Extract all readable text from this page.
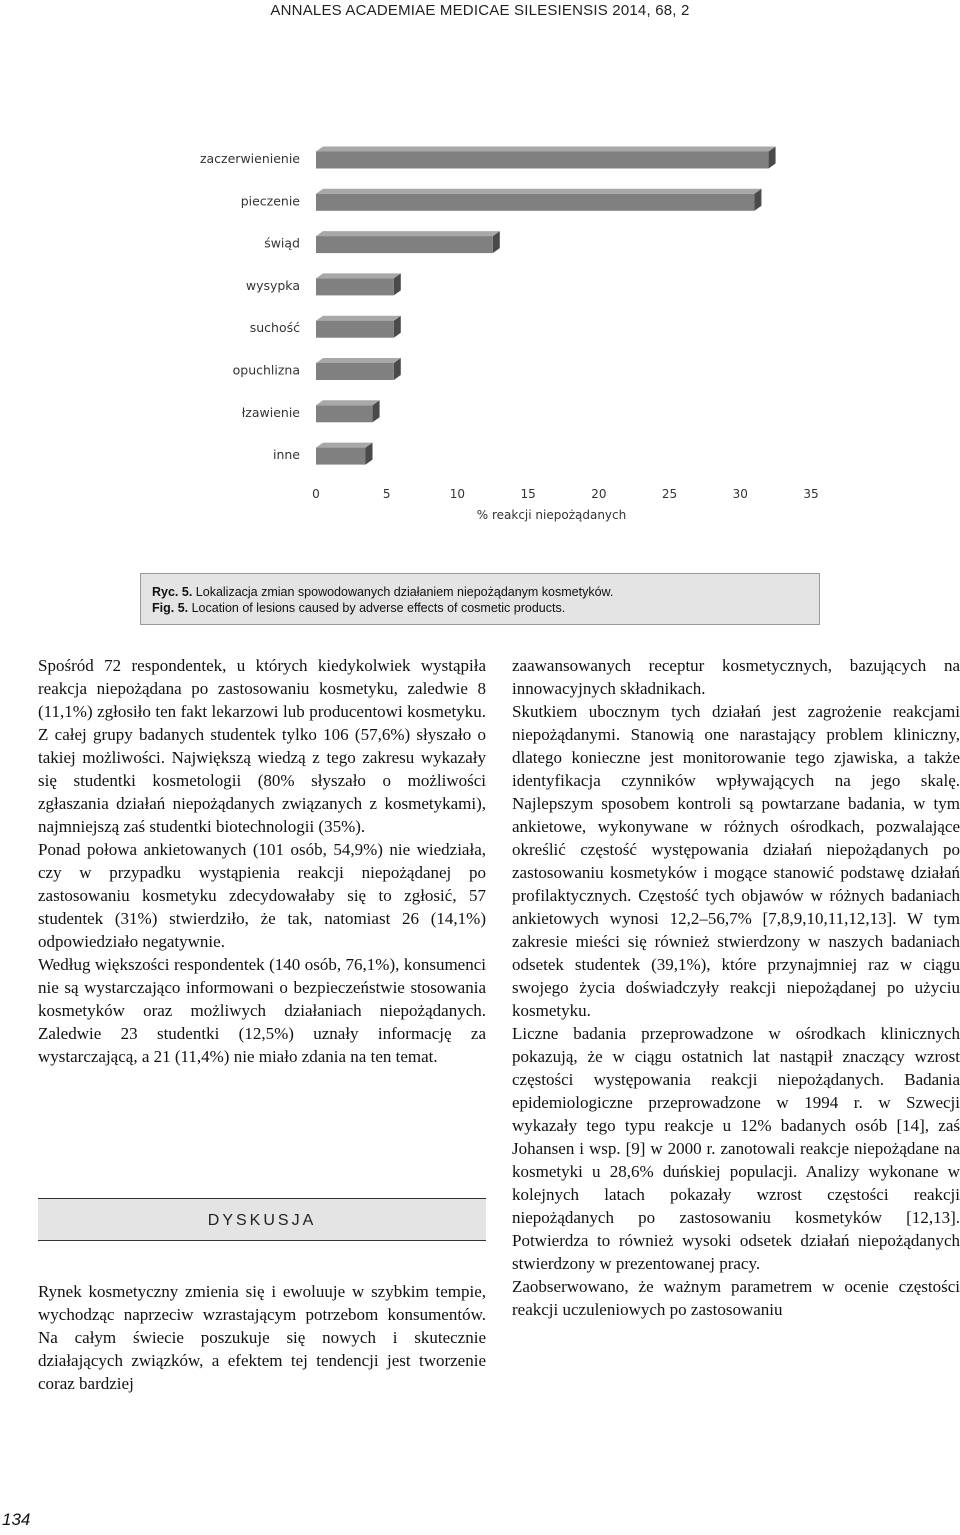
ANNALES ACADEMIAE MEDICAE SILESIENSIS 2014, 68, 2
zaczerwienienie
pieczenie
świąd
wysypka
suchość
opuchlizna
łzawienie
inne
0	5	10	15	20	25	30	35
% reakcji niepożądanych
Ryc. 5. Lokalizacja zmian spowodowanych działaniem niepożądanym kosmetyków.
Fig. 5. Location of lesions caused by adverse effects of cosmetic products.

Spośród 72 respondentek, u których kiedykolwiek wystąpiła reakcja niepożądana po zastosowaniu kosmetyku, zaledwie 8 (11,1%) zgłosiło ten fakt lekarzowi lub producentowi kosmetyku. Z całej grupy badanych studentek tylko 106 (57,6%) słyszało o takiej możliwości. Największą wiedzą z tego zakresu wykazały się studentki kosmetologii (80% słyszało o możliwości zgłaszania działań niepożądanych związanych z kosmetykami), najmniejszą zaś studentki biotechnologii (35%).

Ponad połowa ankietowanych (101 osób, 54,9%) nie wiedziała, czy w przypadku wystąpienia reakcji niepożądanej po zastosowaniu kosmetyku zdecydowałaby się to zgłosić, 57 studentek (31%) stwierdziło, że tak, natomiast 26 (14,1%) odpowiedziało negatywnie.

Według większości respondentek (140 osób, 76,1%), konsumenci nie są wystarczająco informowani o bezpieczeństwie stosowania kosmetyków oraz możliwych działaniach niepożądanych. Zaledwie 23 studentki (12,5%) uznały informację za wystarczającą, a 21 (11,4%) nie miało zdania na ten temat.

DYSKUSJA

Rynek kosmetyczny zmienia się i ewoluuje w szybkim tempie, wychodząc naprzeciw wzrastającym potrzebom konsumentów. Na całym świecie poszukuje się nowych i skutecznie działających związków, a efektem tej tendencji jest tworzenie coraz bardziej

zaawansowanych receptur kosmetycznych, bazujących na innowacyjnych składnikach.

Skutkiem ubocznym tych działań jest zagrożenie reakcjami niepożądanymi. Stanowią one narastający problem kliniczny, dlatego konieczne jest monitorowanie tego zjawiska, a także identyfikacja czynników wpływających na jego skalę. Najlepszym sposobem kontroli są powtarzane badania, w tym ankietowe, wykonywane w różnych ośrodkach, pozwalające określić częstość występowania działań niepożądanych po zastosowaniu kosmetyków i mogące stanowić podstawę działań profilaktycznych. Częstość tych objawów w różnych badaniach ankietowych wynosi 12,2–56,7% [7,8,9,10,11,12,13]. W tym zakresie mieści się również stwierdzony w naszych badaniach odsetek studentek (39,1%), które przynajmniej raz w ciągu swojego życia doświadczyły reakcji niepożądanej po użyciu kosmetyku.

Liczne badania przeprowadzone w ośrodkach klinicznych pokazują, że w ciągu ostatnich lat nastąpił znaczący wzrost częstości występowania reakcji niepożądanych. Badania epidemiologiczne przeprowadzone w 1994 r. w Szwecji wykazały tego typu reakcje u 12% badanych osób [14], zaś Johansen i wsp. [9] w 2000 r. zanotowali reakcje niepożądane na kosmetyki u 28,6% duńskiej populacji. Analizy wykonane w kolejnych latach pokazały wzrost częstości reakcji niepożądanych po zastosowaniu kosmetyków [12,13]. Potwierdza to również wysoki odsetek działań niepożądanych stwierdzony w prezentowanej pracy.

Zaobserwowano, że ważnym parametrem w ocenie częstości reakcji uczuleniowych po zastosowaniu

134
